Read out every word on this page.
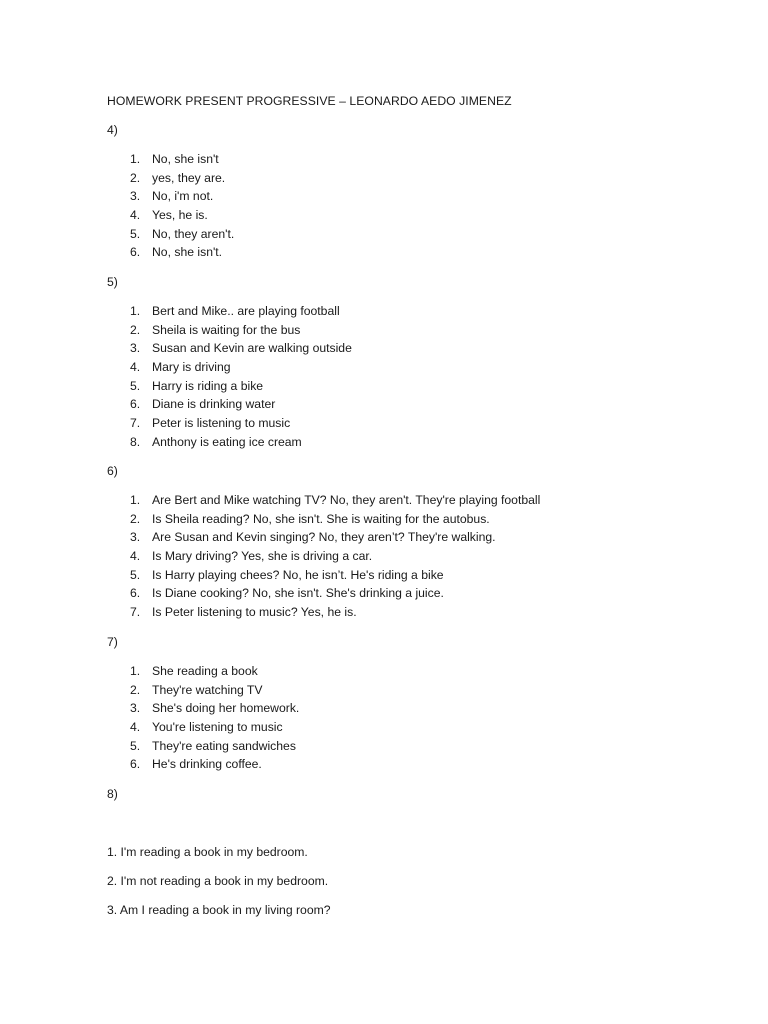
HOMEWORK PRESENT PROGRESSIVE – LEONARDO AEDO JIMENEZ
4)
1. No, she isn't
2. yes, they are.
3. No, i'm not.
4. Yes, he is.
5. No, they aren't.
6. No, she isn't.
5)
1. Bert and Mike.. are playing football
2. Sheila is waiting for the bus
3. Susan and Kevin are walking outside
4. Mary is driving
5. Harry is riding a bike
6. Diane is drinking water
7. Peter is listening to music
8. Anthony is eating ice cream
6)
1. Are Bert and Mike watching TV? No, they aren't. They're playing football
2. Is Sheila reading? No, she isn't. She is waiting for the autobus.
3. Are Susan and Kevin singing? No, they aren’t? They're walking.
4. Is Mary driving? Yes, she is driving a car.
5. Is Harry playing chees? No, he isn’t. He's riding a bike
6. Is Diane cooking? No, she isn't. She's drinking a juice.
7. Is Peter listening to music? Yes, he is.
7)
1. She reading a book
2. They're watching TV
3. She's doing her homework.
4. You're listening to music
5. They're eating sandwiches
6. He's drinking coffee.
8)
1. I'm reading a book in my bedroom.
2. I'm not reading a book in my bedroom.
3. Am I reading a book in my living room?
